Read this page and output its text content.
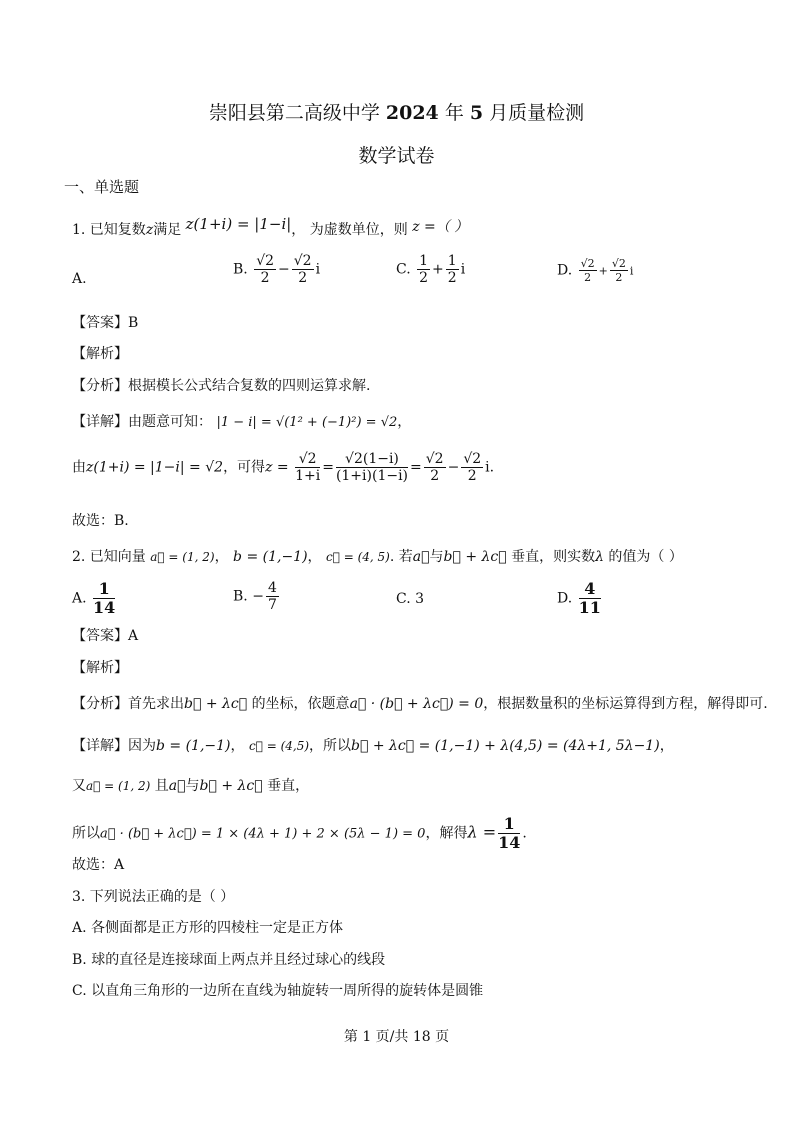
崇阳县第二高级中学 2024 年 5 月质量检测
数学试卷
一、单选题
1. 已知复数z满足 z(1+i) = |1−i|， 为虚数单位，则 z =（ ）
A.
B. $\frac{√2}{2} - \frac{√2}{2}$ i	C. $\frac{1}{2} + \frac{1}{2}$ i	D. $\frac{√2}{2} + \frac{√2}{2}$ i
【答案】B
【解析】
【分析】根据模长公式结合复数的四则运算求解.
【详解】由题意可知： |1 − i| = √(1² + (−1)²) = √2，
由z(1+i) = |1−i| = √2，可得$z = \frac{√2}{1+i} = \frac{√2(1-i)}{(1+i)(1-i)} = \frac{√2}{2} - \frac{√2}{2} i$.
故选：B.
2. 已知向量 a⃗ = (1, 2)， b = (1,−1)， c⃗ = (4, 5). 若a⃗与b⃗ + λc⃗ 垂直，则实数λ 的值为（ ）
A. $\frac{1}{14}$	B. − $\frac{4}{7}$	C. 3	D. $\frac{4}{11}$
【答案】A
【解析】
【分析】首先求出b⃗ + λc⃗ 的坐标，依题意a⃗ · (b⃗ + λc⃗) = 0，根据数量积的坐标运算得到方程，解得即可.
【详解】因为b = (1,−1)， c⃗ = (4,5)，所以b⃗ + λc⃗ = (1,−1) + λ(4,5) = (4λ+1, 5λ−1)，
又a⃗ = (1, 2) 且a⃗与b⃗ + λc⃗ 垂直，
所以a⃗ · (b⃗ + λc⃗) = 1 × (4λ + 1) + 2 × (5λ − 1) = 0，解得$\lambda = \frac{1}{14}$ .
故选：A
3. 下列说法正确的是（ ）
A. 各侧面都是正方形的四棱柱一定是正方体
B. 球的直径是连接球面上两点并且经过球心的线段
C. 以直角三角形的一边所在直线为轴旋转一周所得的旋转体是圆锥
第 1 页/共 18 页
